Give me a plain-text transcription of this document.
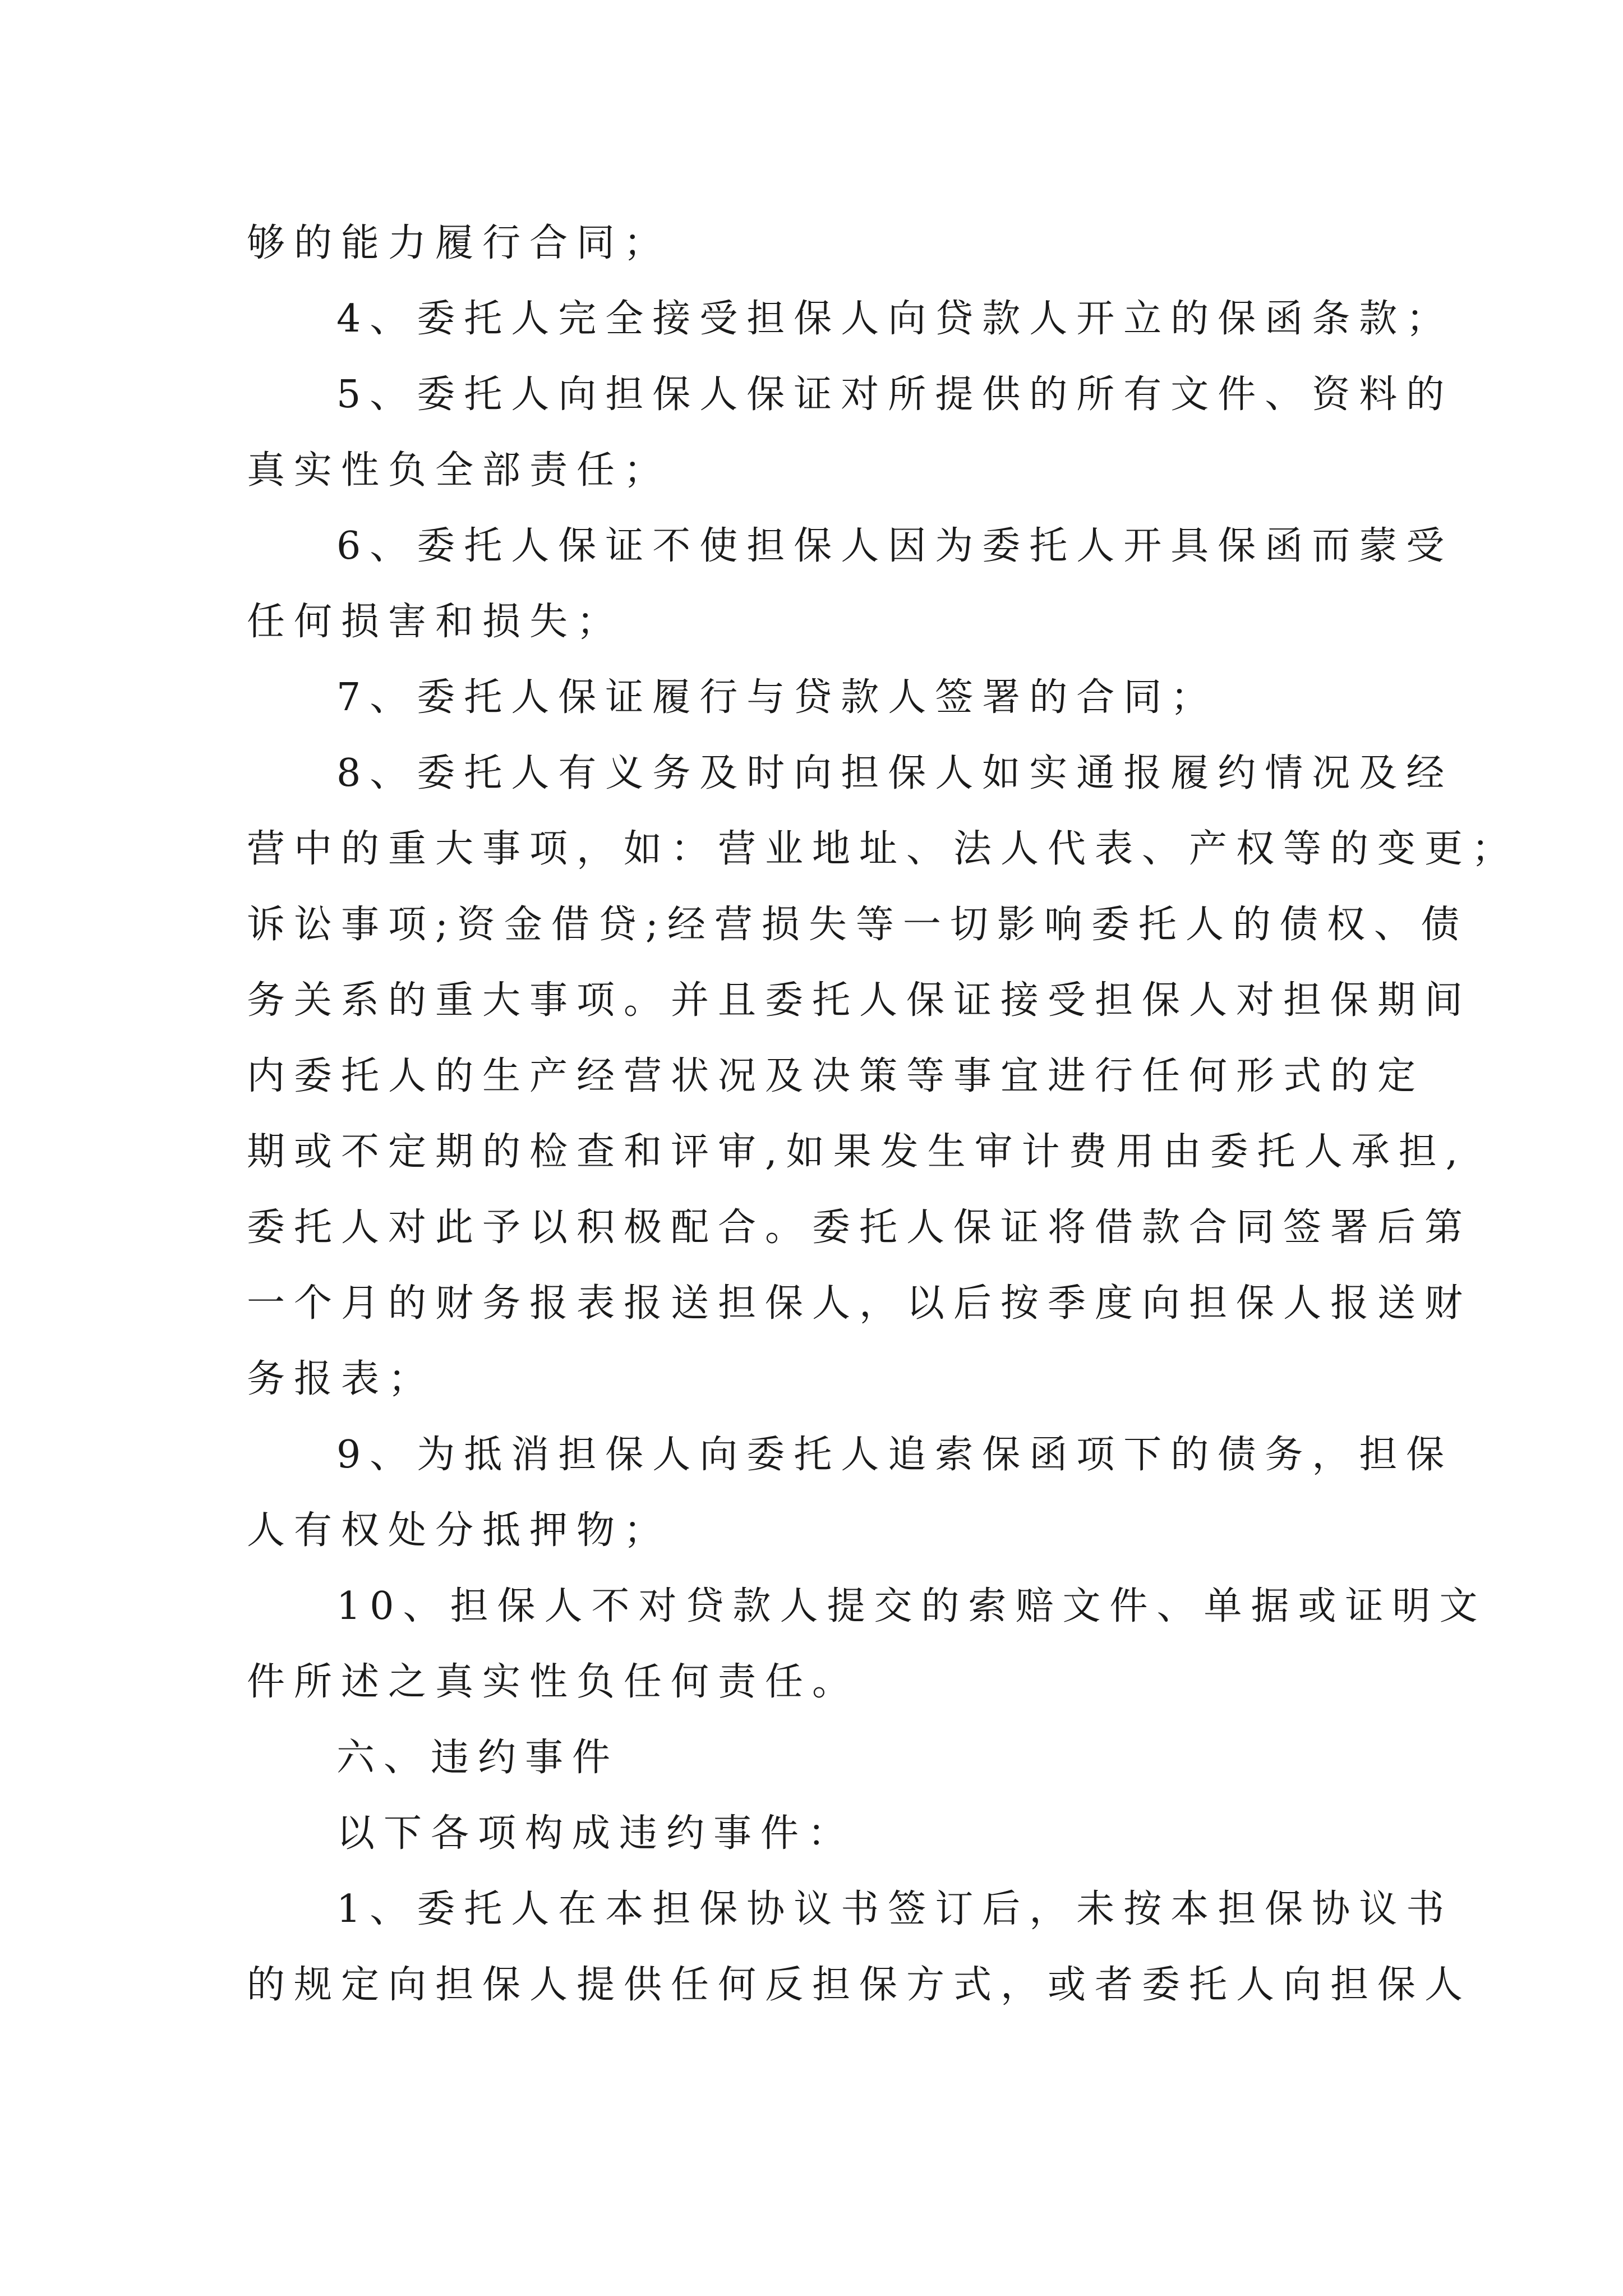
够的能力履行合同；
4、委托人完全接受担保人向贷款人开立的保函条款；
5、委托人向担保人保证对所提供的所有文件、资料的
真实性负全部责任；
6、委托人保证不使担保人因为委托人开具保函而蒙受
任何损害和损失；
7、委托人保证履行与贷款人签署的合同；
8、委托人有义务及时向担保人如实通报履约情况及经
营中的重大事项，如：营业地址、法人代表、产权等的变更；
诉讼事项;资金借贷;经营损失等一切影响委托人的债权、债
务关系的重大事项。并且委托人保证接受担保人对担保期间
内委托人的生产经营状况及决策等事宜进行任何形式的定
期或不定期的检查和评审,如果发生审计费用由委托人承担,
委托人对此予以积极配合。委托人保证将借款合同签署后第
一个月的财务报表报送担保人，以后按季度向担保人报送财
务报表；
9、为抵消担保人向委托人追索保函项下的债务，担保
人有权处分抵押物；
10、担保人不对贷款人提交的索赔文件、单据或证明文
件所述之真实性负任何责任。
六、违约事件
以下各项构成违约事件：
1、委托人在本担保协议书签订后，未按本担保协议书
的规定向担保人提供任何反担保方式，或者委托人向担保人
